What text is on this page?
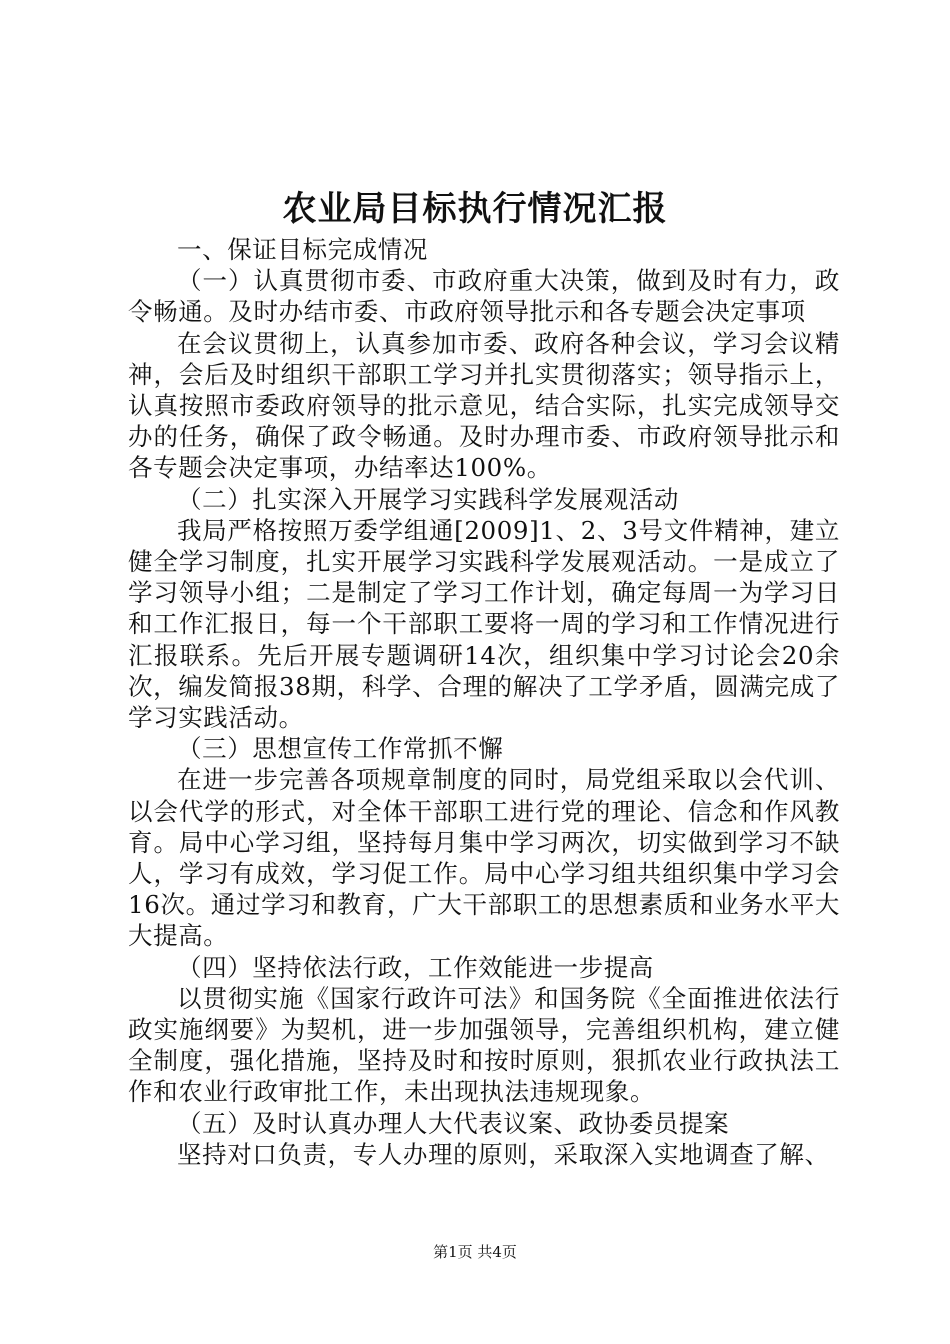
农业局目标执行情况汇报

一、保证目标完成情况

（一）认真贯彻市委、市政府重大决策，做到及时有力，政令畅通。及时办结市委、市政府领导批示和各专题会决定事项

在会议贯彻上，认真参加市委、政府各种会议，学习会议精神，会后及时组织干部职工学习并扎实贯彻落实；领导指示上，认真按照市委政府领导的批示意见，结合实际，扎实完成领导交办的任务，确保了政令畅通。及时办理市委、市政府领导批示和各专题会决定事项，办结率达100%。

（二）扎实深入开展学习实践科学发展观活动

我局严格按照万委学组通[2009]1、2、3号文件精神，建立健全学习制度，扎实开展学习实践科学发展观活动。一是成立了学习领导小组；二是制定了学习工作计划，确定每周一为学习日和工作汇报日，每一个干部职工要将一周的学习和工作情况进行汇报联系。先后开展专题调研14次，组织集中学习讨论会20余次，编发简报38期，科学、合理的解决了工学矛盾，圆满完成了学习实践活动。

（三）思想宣传工作常抓不懈

在进一步完善各项规章制度的同时，局党组采取以会代训、以会代学的形式，对全体干部职工进行党的理论、信念和作风教育。局中心学习组，坚持每月集中学习两次，切实做到学习不缺人，学习有成效，学习促工作。局中心学习组共组织集中学习会16次。通过学习和教育，广大干部职工的思想素质和业务水平大大提高。

（四）坚持依法行政，工作效能进一步提高

以贯彻实施《国家行政许可法》和国务院《全面推进依法行政实施纲要》为契机，进一步加强领导，完善组织机构，建立健全制度，强化措施，坚持及时和按时原则，狠抓农业行政执法工作和农业行政审批工作，未出现执法违规现象。

（五）及时认真办理人大代表议案、政协委员提案

坚持对口负责，专人办理的原则，采取深入实地调查了解、

第1页 共4页
